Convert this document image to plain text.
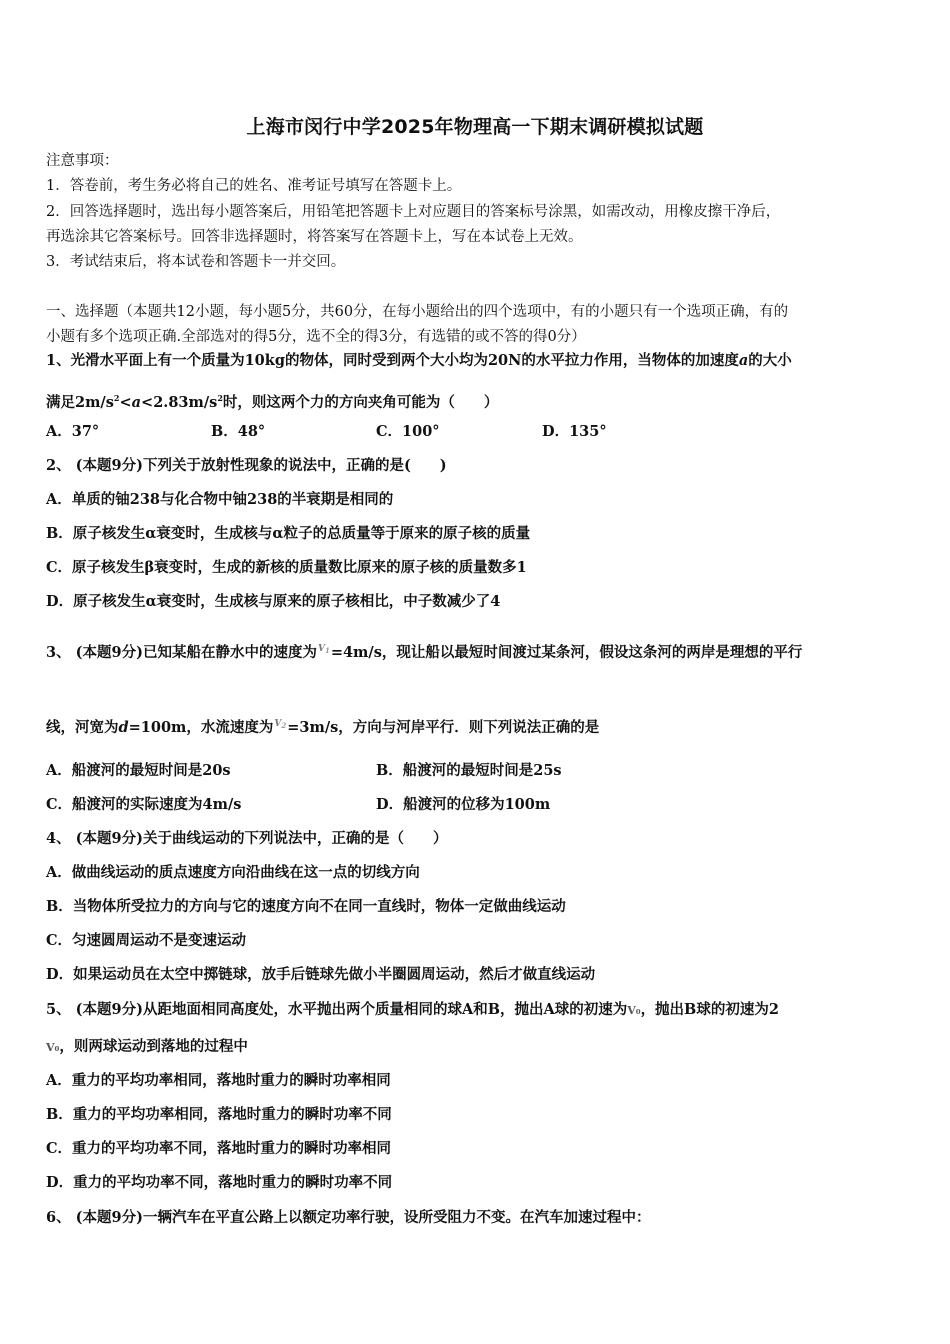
上海市闵行中学2025年物理高一下期末调研模拟试题
注意事项：
1．答卷前，考生务必将自己的姓名、准考证号填写在答题卡上。
2．回答选择题时，选出每小题答案后，用铅笔把答题卡上对应题目的答案标号涂黑，如需改动，用橡皮擦干净后，
再选涂其它答案标号。回答非选择题时，将答案写在答题卡上，写在本试卷上无效。
3．考试结束后，将本试卷和答题卡一并交回。
一、选择题（本题共12小题，每小题5分，共60分，在每小题给出的四个选项中，有的小题只有一个选项正确，有的
小题有多个选项正确.全部选对的得5分，选不全的得3分，有选错的或不答的得0分）
1、光滑水平面上有一个质量为10kg的物体，同时受到两个大小均为20N的水平拉力作用，当物体的加速度a的大小
满足$2m/s^2<a<2.83m/s^2$时，则这两个力的方向夹角可能为（　　）
A．37°	B．48°	C．100°	D．135°
2、 (本题9分)下列关于放射性现象的说法中，正确的是(　　)
A．单质的铀238与化合物中铀238的半衰期是相同的
B．原子核发生α衰变时，生成核与α粒子的总质量等于原来的原子核的质量
C．原子核发生β衰变时，生成的新核的质量数比原来的原子核的质量数多1
D．原子核发生α衰变时，生成核与原来的原子核相比，中子数减少了4
3、 (本题9分)已知某船在静水中的速度为$^{V_1}$=4m/s，现让船以最短时间渡过某条河，假设这条河的两岸是理想的平行
线，河宽为d=100m，水流速度为$^{V_2}$=3m/s，方向与河岸平行．则下列说法正确的是
A．船渡河的最短时间是20s	B．船渡河的最短时间是25s
C．船渡河的实际速度为4m/s	D．船渡河的位移为100m
4、 (本题9分)关于曲线运动的下列说法中，正确的是（　　）
A．做曲线运动的质点速度方向沿曲线在这一点的切线方向
B．当物体所受拉力的方向与它的速度方向不在同一直线时，物体一定做曲线运动
C．匀速圆周运动不是变速运动
D．如果运动员在太空中掷链球，放手后链球先做小半圈圆周运动，然后才做直线运动
5、 (本题9分)从距地面相同高度处，水平抛出两个质量相同的球A和B，抛出A球的初速为V₀，抛出B球的初速为2
V₀，则两球运动到落地的过程中
A．重力的平均功率相同，落地时重力的瞬时功率相同
B．重力的平均功率相同，落地时重力的瞬时功率不同
C．重力的平均功率不同，落地时重力的瞬时功率相同
D．重力的平均功率不同，落地时重力的瞬时功率不同
6、 (本题9分)一辆汽车在平直公路上以额定功率行驶，设所受阻力不变。在汽车加速过程中：
